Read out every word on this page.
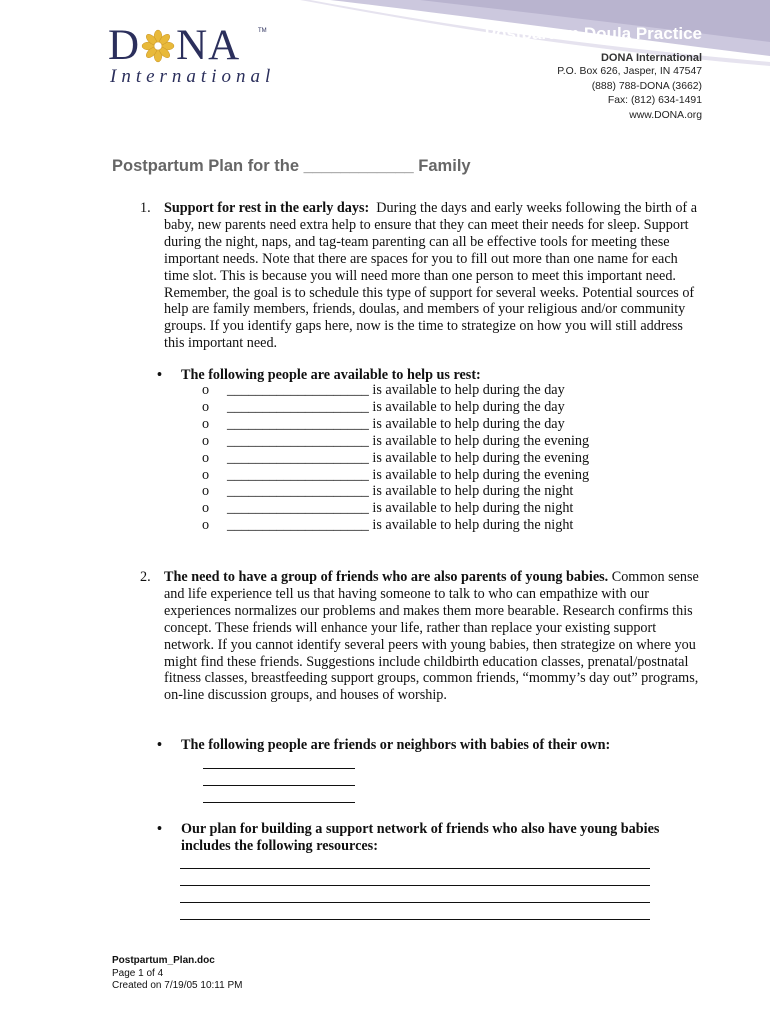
Postpartum Doula Practice
DONA International
P.O. Box 626, Jasper, IN 47547
(888) 788-DONA (3662)
Fax: (812) 634-1491
www.DONA.org
D NA	TM
International
Postpartum Plan for the ____________ Family
1. Support for rest in the early days: During the days and early weeks following the birth of a baby, new parents need extra help to ensure that they can meet their needs for sleep. Support during the night, naps, and tag-team parenting can all be effective tools for meeting these important needs. Note that there are spaces for you to fill out more than one name for each time slot. This is because you will need more than one person to meet this important need. Remember, the goal is to schedule this type of support for several weeks. Potential sources of help are family members, friends, doulas, and members of your religious and/or community groups. If you identify gaps here, now is the time to strategize on how you will still address this important need.
• The following people are available to help us rest:
o ____________________ is available to help during the day
o ____________________ is available to help during the day
o ____________________ is available to help during the day
o ____________________ is available to help during the evening
o ____________________ is available to help during the evening
o ____________________ is available to help during the evening
o ____________________ is available to help during the night
o ____________________ is available to help during the night
o ____________________ is available to help during the night
2. The need to have a group of friends who are also parents of young babies. Common sense and life experience tell us that having someone to talk to who can empathize with our experiences normalizes our problems and makes them more bearable. Research confirms this concept. These friends will enhance your life, rather than replace your existing support network. If you cannot identify several peers with young babies, then strategize on where you might find these friends. Suggestions include childbirth education classes, prenatal/postnatal fitness classes, breastfeeding support groups, common friends, “mommy’s day out” programs, on-line discussion groups, and houses of worship.
• The following people are friends or neighbors with babies of their own:
• Our plan for building a support network of friends who also have young babies
includes the following resources:
Postpartum_Plan.doc
Page 1 of 4
Created on 7/19/05 10:11 PM
